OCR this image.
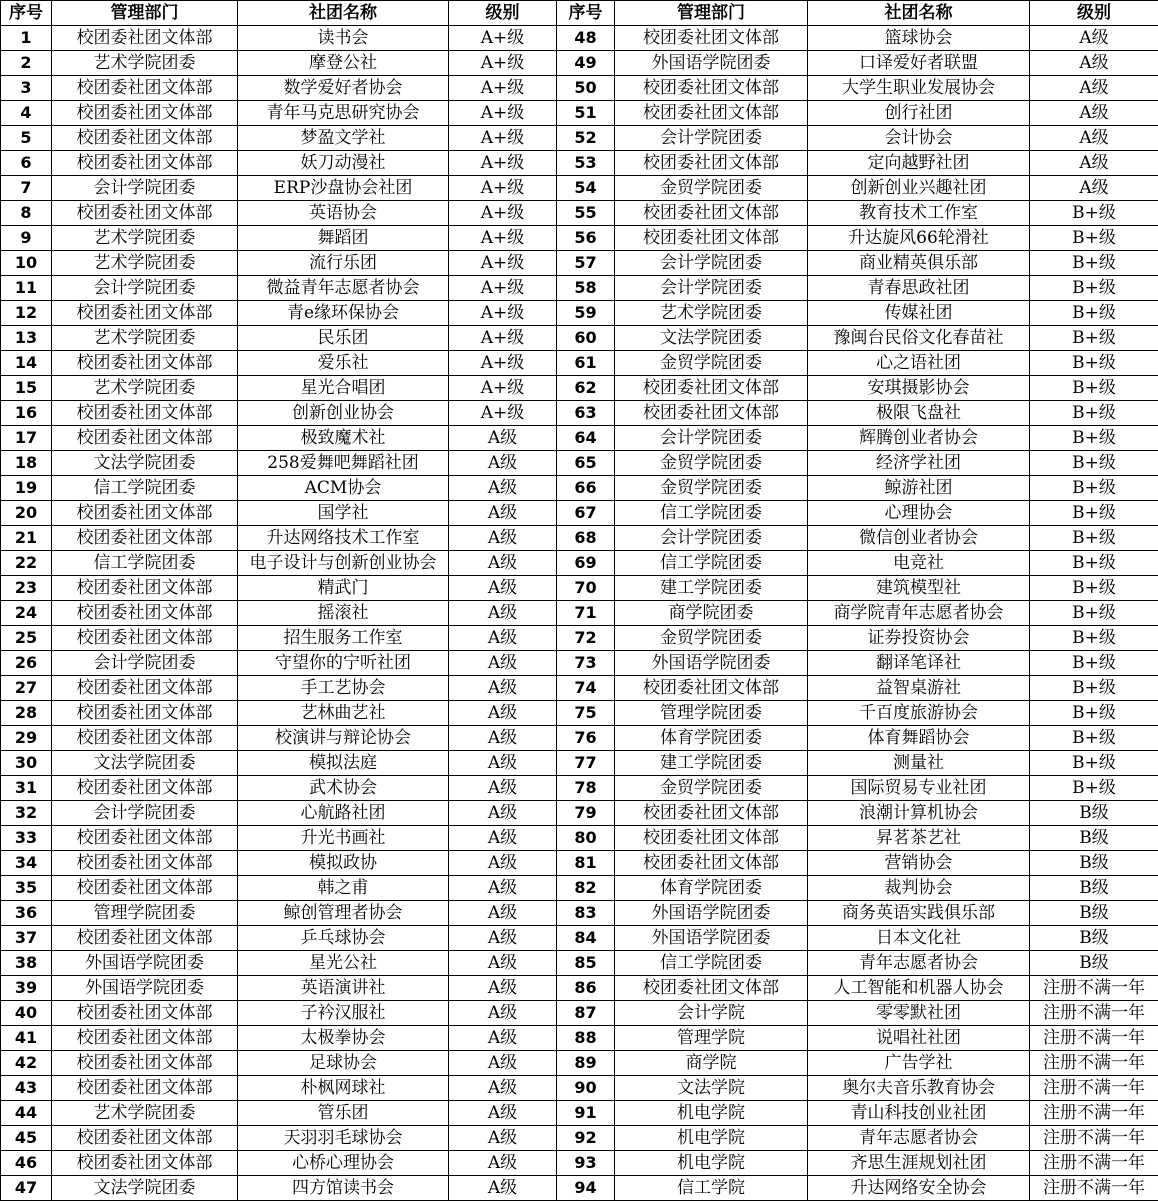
序号	管理部门	社团名称	级别	序号	管理部门	社团名称	级别
1	校团委社团文体部	读书会	A+级	48	校团委社团文体部	篮球协会	A级
2	艺术学院团委	摩登公社	A+级	49	外国语学院团委	口译爱好者联盟	A级
3	校团委社团文体部	数学爱好者协会	A+级	50	校团委社团文体部	大学生职业发展协会	A级
4	校团委社团文体部	青年马克思研究协会	A+级	51	校团委社团文体部	创行社团	A级
5	校团委社团文体部	梦盈文学社	A+级	52	会计学院团委	会计协会	A级
6	校团委社团文体部	妖刀动漫社	A+级	53	校团委社团文体部	定向越野社团	A级
7	会计学院团委	ERP沙盘协会社团	A+级	54	金贸学院团委	创新创业兴趣社团	A级
8	校团委社团文体部	英语协会	A+级	55	校团委社团文体部	教育技术工作室	B+级
9	艺术学院团委	舞蹈团	A+级	56	校团委社团文体部	升达旋风66轮滑社	B+级
10	艺术学院团委	流行乐团	A+级	57	会计学院团委	商业精英俱乐部	B+级
11	会计学院团委	微益青年志愿者协会	A+级	58	会计学院团委	青春思政社团	B+级
12	校团委社团文体部	青e缘环保协会	A+级	59	艺术学院团委	传媒社团	B+级
13	艺术学院团委	民乐团	A+级	60	文法学院团委	豫闽台民俗文化春苗社	B+级
14	校团委社团文体部	爱乐社	A+级	61	金贸学院团委	心之语社团	B+级
15	艺术学院团委	星光合唱团	A+级	62	校团委社团文体部	安琪摄影协会	B+级
16	校团委社团文体部	创新创业协会	A+级	63	校团委社团文体部	极限飞盘社	B+级
17	校团委社团文体部	极致魔术社	A级	64	会计学院团委	辉腾创业者协会	B+级
18	文法学院团委	258爱舞吧舞蹈社团	A级	65	金贸学院团委	经济学社团	B+级
19	信工学院团委	ACM协会	A级	66	金贸学院团委	鲸游社团	B+级
20	校团委社团文体部	国学社	A级	67	信工学院团委	心理协会	B+级
21	校团委社团文体部	升达网络技术工作室	A级	68	会计学院团委	微信创业者协会	B+级
22	信工学院团委	电子设计与创新创业协会	A级	69	信工学院团委	电竞社	B+级
23	校团委社团文体部	精武门	A级	70	建工学院团委	建筑模型社	B+级
24	校团委社团文体部	摇滚社	A级	71	商学院团委	商学院青年志愿者协会	B+级
25	校团委社团文体部	招生服务工作室	A级	72	金贸学院团委	证券投资协会	B+级
26	会计学院团委	守望你的宁听社团	A级	73	外国语学院团委	翻译笔译社	B+级
27	校团委社团文体部	手工艺协会	A级	74	校团委社团文体部	益智桌游社	B+级
28	校团委社团文体部	艺林曲艺社	A级	75	管理学院团委	千百度旅游协会	B+级
29	校团委社团文体部	校演讲与辩论协会	A级	76	体育学院团委	体育舞蹈协会	B+级
30	文法学院团委	模拟法庭	A级	77	建工学院团委	测量社	B+级
31	校团委社团文体部	武术协会	A级	78	金贸学院团委	国际贸易专业社团	B+级
32	会计学院团委	心航路社团	A级	79	校团委社团文体部	浪潮计算机协会	B级
33	校团委社团文体部	升光书画社	A级	80	校团委社团文体部	昇茗茶艺社	B级
34	校团委社团文体部	模拟政协	A级	81	校团委社团文体部	营销协会	B级
35	校团委社团文体部	韩之甫	A级	82	体育学院团委	裁判协会	B级
36	管理学院团委	鲸创管理者协会	A级	83	外国语学院团委	商务英语实践俱乐部	B级
37	校团委社团文体部	乒乓球协会	A级	84	外国语学院团委	日本文化社	B级
38	外国语学院团委	星光公社	A级	85	信工学院团委	青年志愿者协会	B级
39	外国语学院团委	英语演讲社	A级	86	校团委社团文体部	人工智能和机器人协会	注册不满一年
40	校团委社团文体部	子衿汉服社	A级	87	会计学院	零零默社团	注册不满一年
41	校团委社团文体部	太极拳协会	A级	88	管理学院	说唱社社团	注册不满一年
42	校团委社团文体部	足球协会	A级	89	商学院	广告学社	注册不满一年
43	校团委社团文体部	朴枫网球社	A级	90	文法学院	奥尔夫音乐教育协会	注册不满一年
44	艺术学院团委	管乐团	A级	91	机电学院	青山科技创业社团	注册不满一年
45	校团委社团文体部	天羽羽毛球协会	A级	92	机电学院	青年志愿者协会	注册不满一年
46	校团委社团文体部	心桥心理协会	A级	93	机电学院	齐思生涯规划社团	注册不满一年
47	文法学院团委	四方馆读书会	A级	94	信工学院	升达网络安全协会	注册不满一年
